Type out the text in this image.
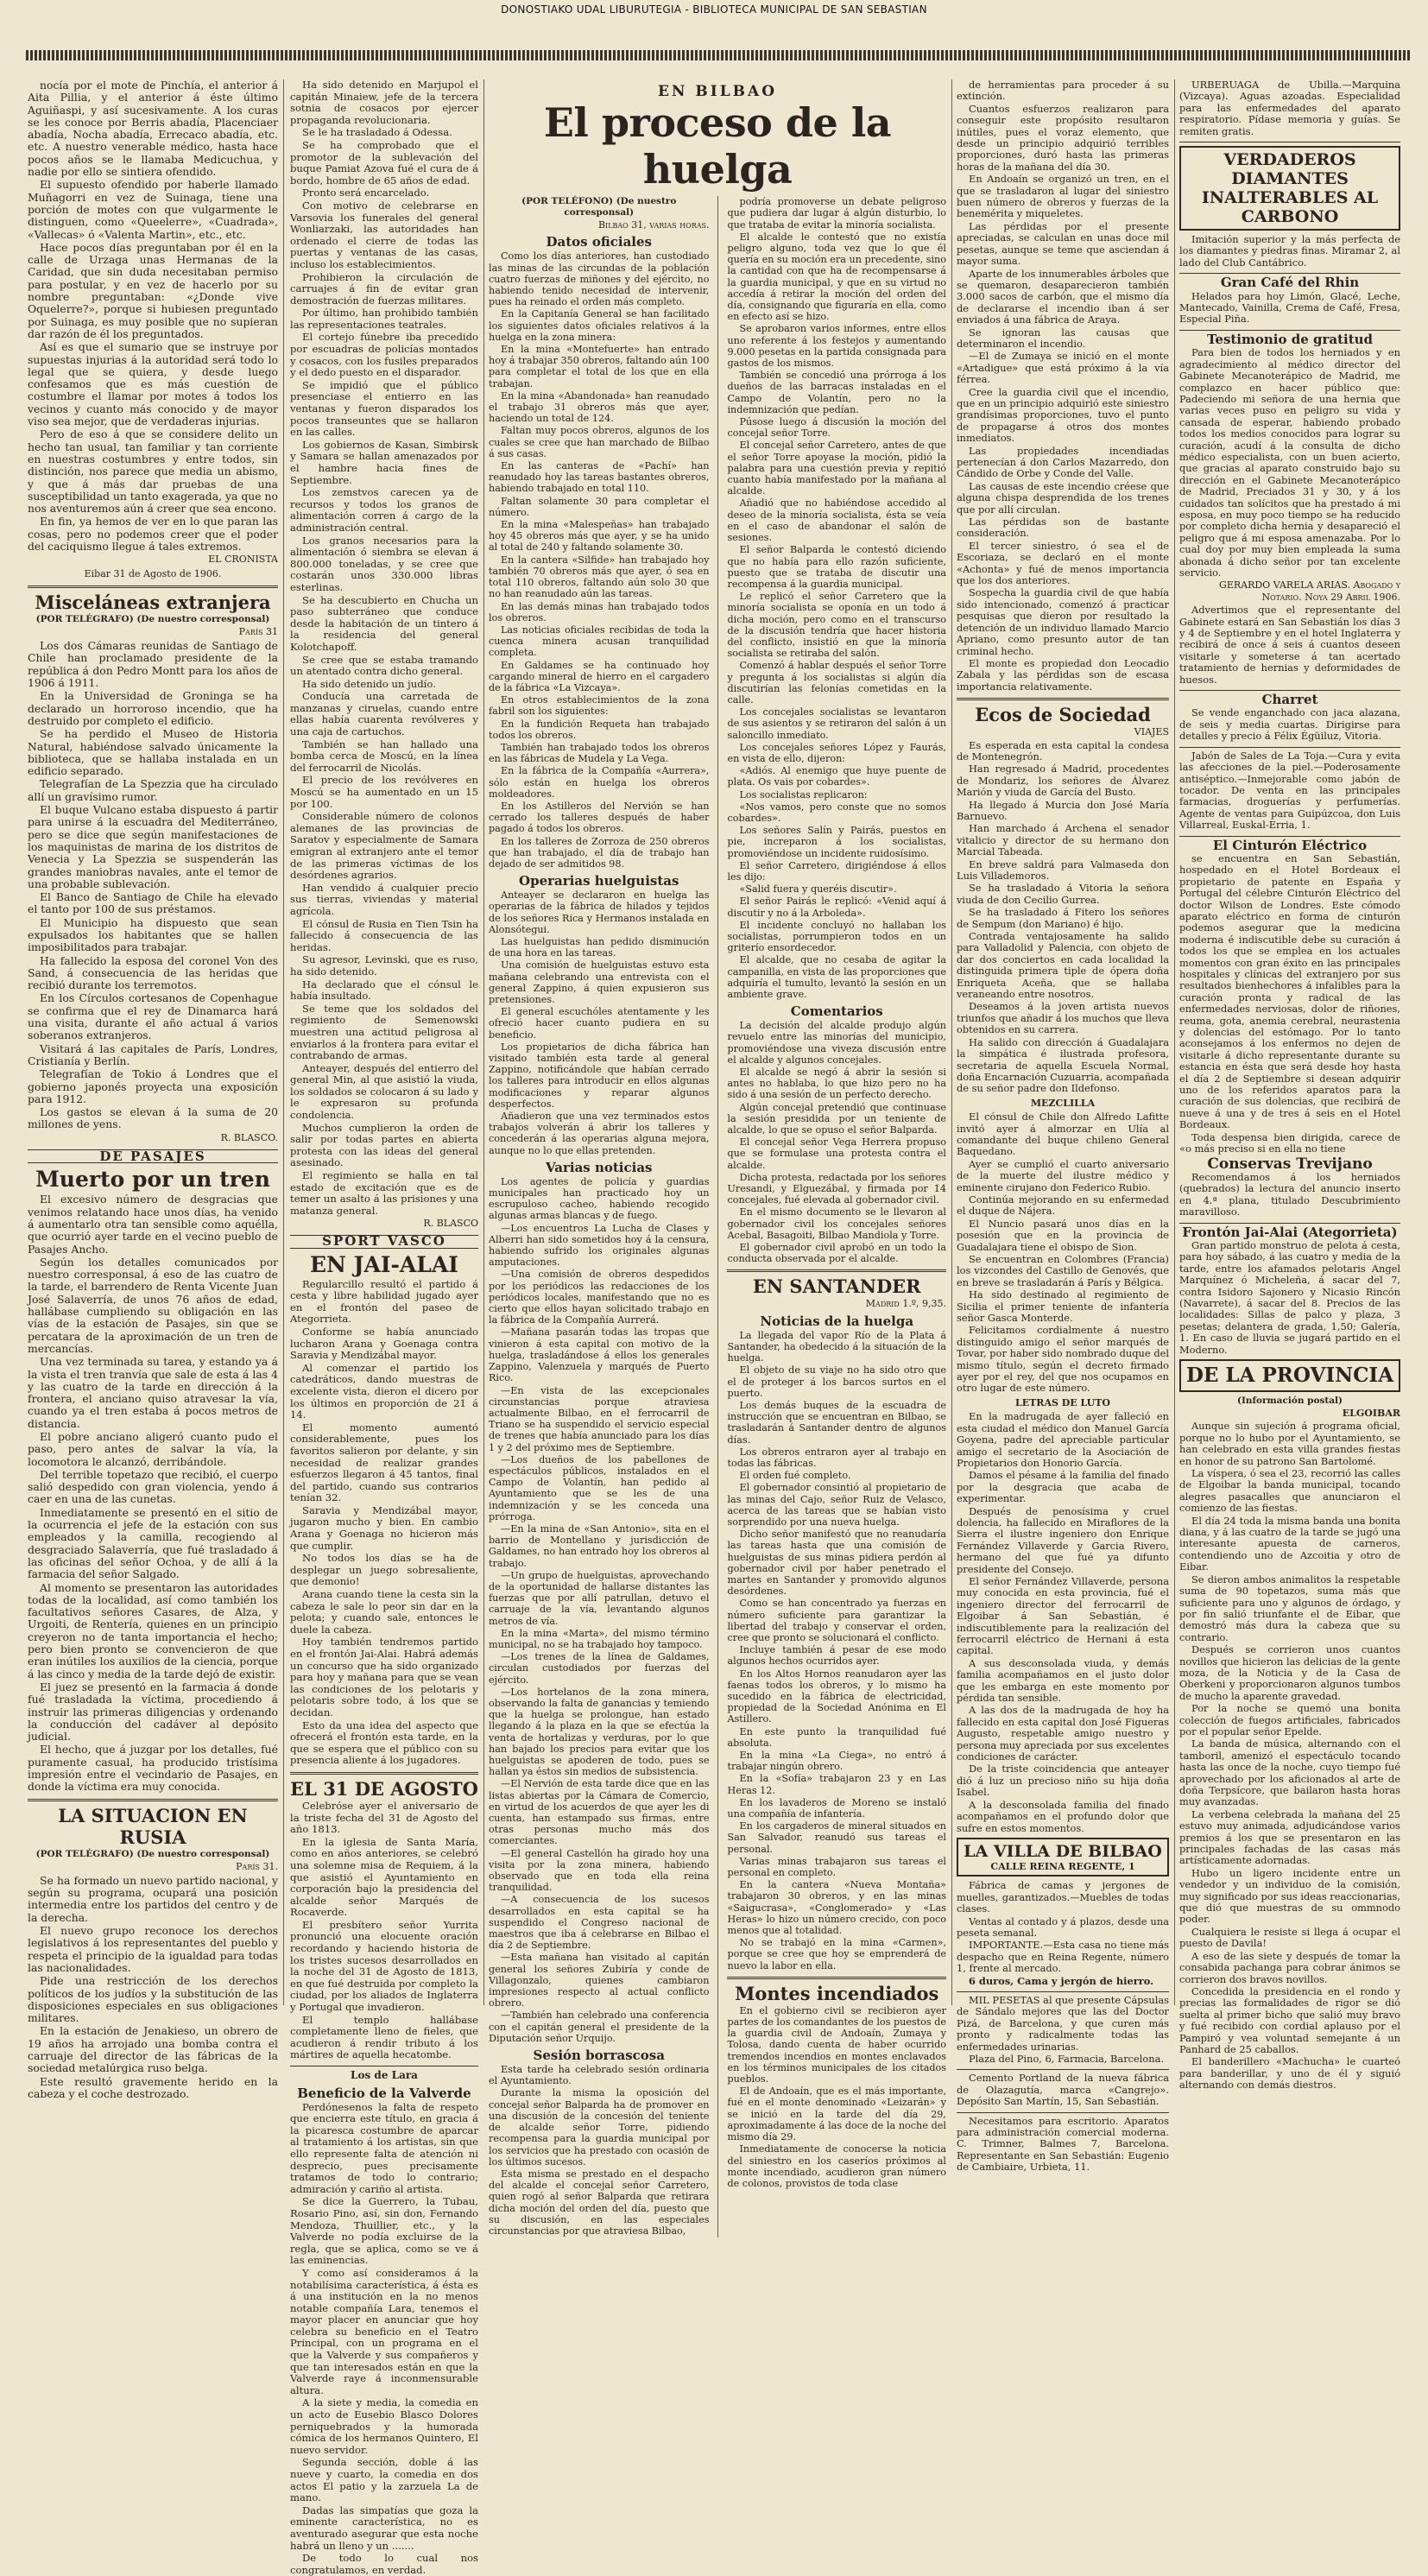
DONOSTIAKO UDAL LIBURUTEGIA - BIBLIOTECA MUNICIPAL DE SAN SEBASTIAN

nocía por el mote de Pinchía, el anterior á Aita Pillia, y el anterior á éste último Aguiñaspi, y así sucesivamente. A los curas se les conoce por Berris abadía, Placenciaer abadía, Nocha abadía, Errecaco abadía, etc. etc. A nuestro venerable médico, hasta hace pocos años se le llamaba Medicuchua, y nadie por ello se sintiera ofendido.

El supuesto ofendido por haberle llamado Muñagorri en vez de Suinaga, tiene una porción de motes con que vulgarmente le distinguen, como «Queelerre», «Cuadrada», «Vallecas» ó «Valenta Martin», etc., etc.

Hace pocos días preguntaban por él en la calle de Urzaga unas Hermanas de la Caridad, que sin duda necesitaban permiso para postular, y en vez de hacerlo por su nombre preguntaban: «¿Donde vive Oquelerre?», porque si hubiesen preguntado por Suinaga, es muy posible que no supieran dar razón de él los preguntados.

Así es que el sumario que se instruye por supuestas injurias á la autoridad será todo lo legal que se quiera, y desde luego confesamos que es más cuestión de costumbre el llamar por motes á todos los vecinos y cuanto más conocido y de mayor viso sea mejor, que de verdaderas injurias.

Pero de eso á que se considere delito un hecho tan usual, tan familiar y tan corriente en nuestras costumbres y entre todos, sin distinción, nos parece que media un abismo, y que á más dar pruebas de una susceptibilidad un tanto exagerada, ya que no nos aventuremos aún á creer que sea encono.

En fin, ya hemos de ver en lo que paran las cosas, pero no podemos creer que el poder del caciquismo llegue á tales extremos.

EL CRONISTA
Eibar 31 de Agosto de 1906.
Misceláneas extranjera
(POR TELÉGRAFO) (De nuestro corresponsal)
París 31

Los dos Cámaras reunidas de Santiago de Chile han proclamado presidente de la república á don Pedro Montt para los años de 1906 á 1911.

En la Universidad de Groninga se ha declarado un horroroso incendio, que ha destruido por completo el edificio.

Se ha perdido el Museo de Historia Natural, habiéndose salvado únicamente la biblioteca, que se hallaba instalada en un edificio separado.

Telegrafían de La Spezzia que ha circulado allí un gravísimo rumor.

El buque Vulcano estaba dispuesto á partir para unirse á la escuadra del Mediterráneo, pero se dice que según manifestaciones de los maquinistas de marina de los distritos de Venecia y La Spezzia se suspenderán las grandes maniobras navales, ante el temor de una probable sublevación.

El Banco de Santiago de Chile ha elevado el tanto por 100 de sus préstamos.

El Municipio ha dispuesto que sean expulsados los habitantes que se hallen imposibilitados para trabajar.

Ha fallecido la esposa del coronel Von des Sand, á consecuencia de las heridas que recibió durante los terremotos.

En los Círculos cortesanos de Copenhague se confirma que el rey de Dinamarca hará una visita, durante el año actual á varios soberanos extranjeros.

Visitará á las capitales de París, Londres, Cristianía y Berlín.

Telegrafían de Tokio á Londres que el gobierno japonés proyecta una exposición para 1912.

Los gastos se elevan á la suma de 20 millones de yens.

R. BLASCO.
DE PASAJES
Muerto por un tren

El excesivo número de desgracias que venimos relatando hace unos días, ha venido á aumentarlo otra tan sensible como aquélla, que ocurrió ayer tarde en el vecino pueblo de Pasajes Ancho.

Según los detalles comunicados por nuestro corresponsal, á eso de las cuatro de la tarde, el barrendero de Renta Vicente Juan José Salaverría, de unos 76 años de edad, hallábase cumpliendo su obligación en las vías de la estación de Pasajes, sin que se percatara de la aproximación de un tren de mercancías.

Una vez terminada su tarea, y estando ya á la vista el tren tranvía que sale de esta á las 4 y las cuatro de la tarde en dirección á la frontera, el anciano quiso atravesar la vía, cuando ya el tren estaba á pocos metros de distancia.

El pobre anciano aligeró cuanto pudo el paso, pero antes de salvar la vía, la locomotora le alcanzó, derribándole.

Del terrible topetazo que recibió, el cuerpo salió despedido con gran violencia, yendo á caer en una de las cunetas.

Inmediatamente se presentó en el sitio de la ocurrencia el jefe de la estación con sus empleados y la camilla, recogiendo al desgraciado Salaverría, que fué trasladado á las oficinas del señor Ochoa, y de allí á la farmacia del señor Salgado.

Al momento se presentaron las autoridades todas de la localidad, así como también los facultativos señores Casares, de Alza, y Urgoiti, de Rentería, quienes en un principio creyeron no de tanta importancia el hecho; pero bien pronto se convencieron de que eran inútiles los auxilios de la ciencia, porque á las cinco y media de la tarde dejó de existir.

El juez se presentó en la farmacia á donde fué trasladada la víctima, procediendo á instruir las primeras diligencias y ordenando la conducción del cadáver al depósito judicial.

El hecho, que á juzgar por los detalles, fué puramente casual, ha producido tristísima impresión entre el vecindario de Pasajes, en donde la víctima era muy conocida.

LA SITUACION EN RUSIA
(POR TELÉGRAFO) (De nuestro corresponsal)
París 31.

Se ha formado un nuevo partido nacional, y según su programa, ocupará una posición intermedia entre los partidos del centro y de la derecha.

El nuevo grupo reconoce los derechos legislativos á los representantes del pueblo y respeta el principio de la igualdad para todas las nacionalidades.

Pide una restricción de los derechos políticos de los judíos y la substitución de las disposiciones especiales en sus obligaciones militares.

En la estación de Jenakieso, un obrero de 19 años ha arrojado una bomba contra el carruaje del director de las fábricas de la sociedad metalúrgica ruso belga.

Este resultó gravemente herido en la cabeza y el coche destrozado.

Ha sido detenido en Marjupol el capitán Minaiew, jefe de la tercera sotnia de cosacos por ejercer propaganda revolucionaria.

Se le ha trasladado á Odessa.

Se ha comprobado que el promotor de la sublevación del buque Pamiat Azova fué el cura de á bordo, hombre de 65 años de edad.

Pronto será encarcelado.

Con motivo de celebrarse en Varsovia los funerales del general Wonliarzaki, las autoridades han ordenado el cierre de todas las puertas y ventanas de las casas, incluso los establecimientos.

Prohibieron la circulación de carruajes á fin de evitar gran demostración de fuerzas militares.

Por último, han prohibido también las representaciones teatrales.

El cortejo fúnebre iba precedido por escuadras de policías montados y cosacos, con los fusiles preparados y el dedo puesto en el disparador.

Se impidió que el público presenciase el entierro en las ventanas y fueron disparados los pocos transeuntes que se hallaron en las calles.

Los gobiernos de Kasan, Simbirsk y Samara se hallan amenazados por el hambre hacia fines de Septiembre.

Los zemstvos carecen ya de recursos y todos los granos de alimentación corren á cargo de la administración central.

Los granos necesarios para la alimentación ó siembra se elevan á 800.000 toneladas, y se cree que costarán unos 330.000 libras esterlinas.

Se ha descubierto en Chucha un paso subterráneo que conduce desde la habitación de un tintero á la residencia del general Kolotchapoff.

Se cree que se estaba tramando un atentado contra dicho general.

Ha sido detenido un judío.

Conducía una carretada de manzanas y ciruelas, cuando entre ellas había cuarenta revólveres y una caja de cartuchos.

También se han hallado una bomba cerca de Moscú, en la línea del ferrocarril de Nicolás.

El precio de los revólveres en Moscú se ha aumentado en un 15 por 100.

Considerable número de colonos alemanes de las provincias de Saratov y especialmente de Samara emigran al extranjero ante el temor de las primeras víctimas de los desórdenes agrarios.

Han vendido á cualquier precio sus tierras, viviendas y material agrícola.

El cónsul de Rusia en Tien Tsin ha fallecido á consecuencia de las heridas.

Su agresor, Levinski, que es ruso, ha sido detenido.

Ha declarado que el cónsul le había insultado.

Se teme que los soldados del regimiento de Semenowski muestren una actitud peligrosa al enviarlos á la frontera para evitar el contrabando de armas.

Anteayer, después del entierro del general Min, al que asistió la viuda, los soldados se colocaron á su lado y le expresaron su profunda condolencia.

Muchos cumplieron la orden de salir por todas partes en abierta protesta con las ideas del general asesinado.

El regimiento se halla en tal estado de excitación que es de temer un asalto á las prisiones y una matanza general.

R. BLASCO
SPORT VASCO
EN JAI-ALAI

Regularcillo resultó el partido á cesta y libre habilidad jugado ayer en el frontón del paseo de Ategorrieta.

Conforme se había anunciado lucharon Arana y Goenaga contra Saravia y Mendizábal mayor.

Al comenzar el partido los catedráticos, dando muestras de excelente vista, dieron el dicero por los últimos en proporción de 21 á 14.

El momento aumentó considerablemente, pues los favoritos salieron por delante, y sin necesidad de realizar grandes esfuerzos llegaron á 45 tantos, final del partido, cuando sus contrarios tenían 32.

Saravia y Mendizábal mayor, jugaron mucho y bien. En cambio Arana y Goenaga no hicieron más que cumplir.

No todos los días se ha de desplegar un juego sobresaliente, que demonio!

Arana cuando tiene la cesta sin la cabeza le sale lo peor sin dar en la pelota; y cuando sale, entonces le duele la cabeza.

Hoy también tendremos partido en el frontón Jai-Alai. Habrá además un concurso que ha sido organizado para hoy y mañana para que se vean las condiciones de los pelotaris y pelotaris sobre todo, á los que se decidan.

Esto da una idea del aspecto que ofrecerá el frontón esta tarde, en la que se espera que el público con su presencia aliente á los jugadores.

EL 31 DE AGOSTO

Celebróse ayer el aniversario de la triste fecha del 31 de Agosto del año 1813.

En la iglesia de Santa María, como en años anteriores, se celebró una solemne misa de Requiem, á la que asistió el Ayuntamiento en corporación bajo la presidencia del alcalde señor Marqués de Rocaverde.

El presbítero señor Yurrita pronunció una elocuente oración recordando y haciendo historia de los tristes sucesos desarrollados en la noche del 31 de Agosto de 1813, en que fué destruida por completo la ciudad, por los aliados de Inglaterra y Portugal que invadieron.

El templo hallábase completamente lleno de fieles, que acudieron á rendir tributo á los mártires de aquella hecatombe.

Los de Lara
Beneficio de la Valverde

Perdónesenos la falta de respeto que encierra este título, en gracia á la picaresca costumbre de aparcar al tratamiento á los artistas, sin que ello represente falta de atención ni desprecio, pues precisamente tratamos de todo lo contrario; admiración y cariño al artista.

Se dice la Guerrero, la Tubau, Rosario Pino, así, sin don, Fernando Mendoza, Thuillier, etc., y la Valverde no podía excluirse de la regla, que se aplica, como se ve á las eminencias.

Y como así consideramos á la notabilísima característica, á ésta es á una institución en la no menos notable compañía Lara, tenemos el mayor placer en anunciar que hoy celebra su beneficio en el Teatro Principal, con un programa en el que la Valverde y sus compañeros y que tan interesados están en que la Valverde raye á inconmensurable altura.

A la siete y media, la comedia en un acto de Eusebio Blasco Dolores perniquebrados y la humorada cómica de los hermanos Quintero, El nuevo servidor.

Segunda sección, doble á las nueve y cuarto, la comedia en dos actos El patio y la zarzuela La de mano.

Dadas las simpatías que goza la eminente característica, no es aventurado asegurar que esta noche habrá un lleno y un .......

De todo lo cual nos congratulamos, en verdad.

EN BILBAO
El proceso de la huelga
(POR TELÉFONO) (De nuestro corresponsal)
Bilbao 31, varias horas.
Datos oficiales

Como los días anteriores, han custodiado las minas de las circundas de la población cuatro fuerzas de miñones y del ejército, no habiendo tenido necesidad de intervenir, pues ha reinado el orden más completo.

En la Capitanía General se han facilitado los siguientes datos oficiales relativos á la huelga en la zona minera:

En la mina «Montefuerte» han entrado hoy á trabajar 350 obreros, faltando aún 100 para completar el total de los que en ella trabajan.

En la mina «Abandonada» han reanudado el trabajo 31 obreros más que ayer, haciendo un total de 124.

Faltan muy pocos obreros, algunos de los cuales se cree que han marchado de Bilbao á sus casas.

En las canteras de «Pachí» han reanudado hoy las tareas bastantes obreros, habiendo trabajado en total 110.

Faltan solamente 30 para completar el número.

En la mina «Malespeñas» han trabajado hoy 45 obreros más que ayer, y se ha unido al total de 240 y faltando solamente 30.

En la cantera «Silfide» han trabajado hoy también 70 obreros más que ayer, ó sea en total 110 obreros, faltando aún solo 30 que no han reanudado aún las tareas.

En las demás minas han trabajado todos los obreros.

Las noticias oficiales recibidas de toda la cuenca minera acusan tranquilidad completa.

En Galdames se ha continuado hoy cargando mineral de hierro en el cargadero de la fábrica «La Vizcaya».

En otros establecimientos de la zona fabril son los siguientes:

En la fundición Requeta han trabajado todos los obreros.

También han trabajado todos los obreros en las fábricas de Mudela y La Vega.

En la fábrica de la Compañía «Aurrera», sólo están en huelga los obreros moldeadores.

En los Astilleros del Nervión se han cerrado los talleres después de haber pagado á todos los obreros.

En los talleres de Zorroza de 250 obreros que han trabajado, el día de trabajo han dejado de ser admitidos 98.

Operarias huelguistas

Anteayer se declararon en huelga las operarias de la fábrica de hilados y tejidos de los señores Rica y Hermanos instalada en Alonsótegui.

Las huelguistas han pedido disminución de una hora en las tareas.

Una comisión de huelguistas estuvo esta mañana celebrando una entrevista con el general Zappino, á quien expusieron sus pretensiones.

El general escuchóles atentamente y les ofreció hacer cuanto pudiera en su beneficio.

Los propietarios de dicha fábrica han visitado también esta tarde al general Zappino, notificándole que habían cerrado los talleres para introducir en ellos algunas modificaciones y reparar algunos desperfectos.

Añadieron que una vez terminados estos trabajos volverán á abrir los talleres y concederán á las operarias alguna mejora, aunque no lo que ellas pretenden.

Varias noticias

Los agentes de policía y guardias municipales han practicado hoy un escrupuloso cacheo, habiendo recogido algunas armas blancas y de fuego.

—Los encuentros La Lucha de Clases y Alberri han sido sometidos hoy á la censura, habiendo sufrido los originales algunas amputaciones.

—Una comisión de obreros despedidos por los periódicos las redacciones de los periódicos locales, manifestando que no es cierto que ellos hayan solicitado trabajo en la fábrica de la Compañía Aurrerá.

—Mañana pasarán todas las tropas que vinieron á esta capital con motivo de la huelga, trasladándose á ellos los generales Zappino, Valenzuela y marqués de Puerto Rico.

—En vista de las excepcionales circunstancias porque atraviesa actualmente Bilbao, en el ferrocarril de Triano se ha suspendido el servicio especial de trenes que había anunciado para los días 1 y 2 del próximo mes de Septiembre.

—Los dueños de los pabellones de espectáculos públicos, instalados en el Campo de Volantín, han pedido al Ayuntamiento que se les de una indemnización y se les conceda una prórroga.

—En la mina de «San Antonio», sita en el barrio de Montellano y jurisdicción de Galdames, no han entrado hoy los obreros al trabajo.

—Un grupo de huelguistas, aprovechando de la oportunidad de hallarse distantes las fuerzas que por allí patrullan, detuvo el carruaje de la vía, levantando algunos metros de vía.

En la mina «Marta», del mismo término municipal, no se ha trabajado hoy tampoco.

—Los trenes de la línea de Galdames, circulan custodiados por fuerzas del ejército.

—Los hortelanos de la zona minera, observando la falta de ganancias y temiendo que la huelga se prolongue, han estado llegando á la plaza en la que se efectúa la venta de hortalizas y verduras, por lo que han bajado los precios para evitar que los huelguistas se apoderen de todo, pues se hallan ya éstos sin medios de subsistencia.

—El Nervión de esta tarde dice que en las listas abiertas por la Cámara de Comercio, en virtud de los acuerdos de que ayer les di cuenta, han estampado sus firmas, entre otras personas mucho más dos comerciantes.

—El general Castellón ha girado hoy una visita por la zona minera, habiendo observado que en toda ella reina tranquilidad.

—A consecuencia de los sucesos desarrollados en esta capital se ha suspendido el Congreso nacional de maestros que iba á celebrarse en Bilbao el día 2 de Septiembre.

—Esta mañana han visitado al capitán general los señores Zubiría y conde de Villagonzalo, quienes cambiaron impresiones respecto al actual conflicto obrero.

—También han celebrado una conferencia con el capitán general el presidente de la Diputación señor Urquijo.

Sesión borrascosa

Esta tarde ha celebrado sesión ordinaria el Ayuntamiento.

Durante la misma la oposición del concejal señor Balparda ha de promover en una discusión de la concesión del teniente de alcalde señor Torre, pidiendo recompensa para la guardia municipal por los servicios que ha prestado con ocasión de los últimos sucesos.

Esta misma se prestado en el despacho del alcalde el concejal señor Carretero, quien rogó al señor Balparda que retirara dicha moción del orden del día, puesto que su discusión, en las especiales circunstancias por que atraviesa Bilbao,

podría promoverse un debate peligroso que pudiera dar lugar á algún disturbio, lo que trataba de evitar la minoría socialista.

El alcalde le contestó que no existía peligro alguno, toda vez que lo que él quería en su moción era un precedente, sino la cantidad con que ha de recompensarse á la guardia municipal, y que en su virtud no accedía á retirar la moción del orden del día, consignando que figuraría en ella, como en efecto así se hizo.

Se aprobaron varios informes, entre ellos uno referente á los festejos y aumentando 9.000 pesetas en la partida consignada para gastos de los mismos.

También se concedió una prórroga á los dueños de las barracas instaladas en el Campo de Volantín, pero no la indemnización que pedían.

Púsose luego á discusión la moción del concejal señor Torre.

El concejal señor Carretero, antes de que el señor Torre apoyase la moción, pidió la palabra para una cuestión previa y repitió cuanto había manifestado por la mañana al alcalde.

Añadió que no habiéndose accedido al deseo de la minoría socialista, ésta se veía en el caso de abandonar el salón de sesiones.

El señor Balparda le contestó diciendo que no había para ello razón suficiente, puesto que se trataba de discutir una recompensa á la guardia municipal.

Le replicó el señor Carretero que la minoría socialista se oponía en un todo á dicha moción, pero como en el transcurso de la discusión tendría que hacer historia del conflicto, insistió en que la minoría socialista se retiraba del salón.

Comenzó á hablar después el señor Torre y pregunta á los socialistas si algún día discutirían las felonías cometidas en la calle.

Los concejales socialistas se levantaron de sus asientos y se retiraron del salón á un saloncillo inmediato.

Los concejales señores López y Faurás, en vista de ello, dijeron:

«Adiós. Al enemigo que huye puente de plata. Os vais por cobardes».

Los socialistas replicaron:

«Nos vamos, pero conste que no somos cobardes».

Los señores Salín y Pairás, puestos en pie, increparon á los socialistas, promoviéndose un incidente ruidosísimo.

El señor Carretero, dirigiéndose á ellos les dijo:

«Salid fuera y queréis discutir».

El señor Pairás le replicó: «Venid aquí á discutir y no á la Arboleda».

El incidente concluyó no hallaban los socialistas, porrumpieron todos en un griterío ensordecedor.

El alcalde, que no cesaba de agitar la campanilla, en vista de las proporciones que adquiría el tumulto, levantó la sesión en un ambiente grave.

Comentarios

La decisión del alcalde produjo algún revuelo entre las minorías del municipio, promoviéndose una viveza discusión entre el alcalde y algunos concejales.

El alcalde se negó á abrir la sesión si antes no hablaba, lo que hizo pero no ha sido á una sesión de un perfecto derecho.

Algún concejal pretendió que continuase la sesión presidida por un teniente de alcalde, lo que se opuso el señor Balparda.

El concejal señor Vega Herrera propuso que se formulase una protesta contra el alcalde.

Dicha protesta, redactada por los señores Uresandi, y Elguezábal, y firmada por 14 concejales, fué elevada al gobernador civil.

En el mismo documento se le llevaron al gobernador civil los concejales señores Acebal, Basagoiti, Bilbao Mandiola y Torre.

El gobernador civil aprobó en un todo la conducta observada por el alcalde.

EN SANTANDER
Madrid 1.º, 9,35.
Noticias de la huelga

La llegada del vapor Río de la Plata á Santander, ha obedecido á la situación de la huelga.

El objeto de su viaje no ha sido otro que el de proteger á los barcos surtos en el puerto.

Los demás buques de la escuadra de instrucción que se encuentran en Bilbao, se trasladarán á Santander dentro de algunos días.

Los obreros entraron ayer al trabajo en todas las fábricas.

El orden fué completo.

El gobernador consintió al propietario de las minas del Cajo, señor Ruiz de Velasco, acerca de las tareas que se habían visto sorprendido por una nueva huelga.

Dicho señor manifestó que no reanudaría las tareas hasta que una comisión de huelguistas de sus minas pidiera perdón al gobernador civil por haber penetrado el martes en Santander y promovido algunos desórdenes.

Como se han concentrado ya fuerzas en número suficiente para garantizar la libertad del trabajo y conservar el orden, cree que pronto se solucionará el conflicto.

Incluye también á pesar de ese modo algunos hechos ocurridos ayer.

En los Altos Hornos reanudaron ayer las faenas todos los obreros, y lo mismo ha sucedido en la fábrica de electricidad, propiedad de la Sociedad Anónima en El Astillero.

En este punto la tranquilidad fué absoluta.

En la mina «La Ciega», no entró á trabajar ningún obrero.

En la «Sofía» trabajaron 23 y en Las Heras 12.

En los lavaderos de Moreno se instaló una compañía de infantería.

En los cargaderos de mineral situados en San Salvador, reanudó sus tareas el personal.

Varias minas trabajaron sus tareas el personal en completo.

En la cantera «Nueva Montaña» trabajaron 30 obreros, y en las minas «Saigucrasa», «Conglomerado» y «Las Heras» lo hizo un número crecido, con poco menos que al totalidad.

No se trabajó en la mina «Carmen», porque se cree que hoy se emprenderá de nuevo la labor en ella.

Montes incendiados

En el gobierno civil se recibieron ayer partes de los comandantes de los puestos de la guardia civil de Andoaín, Zumaya y Tolosa, dando cuenta de haber ocurrido tremendos incendios en montes enclavados en los términos municipales de los citados pueblos.

El de Andoaín, que es el más importante, fué en el monte denominado «Leizarán» y se inició en la tarde del día 29, aproximadamente á las doce de la noche del mismo día 29.

Inmediatamente de conocerse la noticia del siniestro en los caseríos próximos al monte incendiado, acudieron gran número de colonos, provistos de toda clase

de herramientas para proceder á su extinción.

Cuantos esfuerzos realizaron para conseguir este propósito resultaron inútiles, pues el voraz elemento, que desde un principio adquirió terribles proporciones, duró hasta las primeras horas de la mañana del día 30.

En Andoaín se organizó un tren, en el que se trasladaron al lugar del siniestro buen número de obreros y fuerzas de la benemérita y miqueletes.

Las pérdidas por el presente apreciadas, se calculan en unas doce mil pesetas, aunque se teme que asciendan á mayor suma.

Aparte de los innumerables árboles que se quemaron, desaparecieron también 3.000 sacos de carbón, que el mismo día de declararse el incendio iban á ser enviados á una fábrica de Araya.

Se ignoran las causas que determinaron el incendio.

—El de Zumaya se inició en el monte «Artadigue» que está próximo á la vía férrea.

Cree la guardia civil que el incendio, que en un principio adquirió este siniestro grandísimas proporciones, tuvo el punto de propagarse á otros dos montes inmediatos.

Las propiedades incendiadas pertenecían á don Carlos Mazarredo, don Cándido de Orbe y Conde del Valle.

Las causas de este incendio créese que alguna chispa desprendida de los trenes que por allí circulan.

Las pérdidas son de bastante consideración.

El tercer siniestro, ó sea el de Escoriaza, se declaró en el monte «Achonta» y fué de menos importancia que los dos anteriores.

Sospecha la guardia civil de que había sido intencionado, comenzó á practicar pesquisas que dieron por resultado la detención de un individuo llamado Marcio Apriano, como presunto autor de tan criminal hecho.

El monte es propiedad don Leocadio Zabala y las pérdidas son de escasa importancia relativamente.

Ecos de Sociedad
VIAJES

Es esperada en esta capital la condesa de Montenegrón.

Han regresado á Madrid, procedentes de Mondariz, los señores de Álvarez Marión y viuda de García del Busto.

Ha llegado á Murcia don José María Barnuevo.

Han marchado á Archena el senador vitalicio y director de su hermano don Marcial Tabeada.

En breve saldrá para Valmaseda don Luis Villademoros.

Se ha trasladado á Vitoria la señora viuda de don Cecilio Gurrea.

Se ha trasladado á Fitero los señores de Sempum (don Mariano) é hijo.

Contrada ventajosamente ha salido para Valladolid y Palencia, con objeto de dar dos conciertos en cada localidad la distinguida primera tiple de ópera doña Enriqueta Aceña, que se hallaba veraneando entre nosotros.

Deseamos á la joven artista nuevos triunfos que añadir á los muchos que lleva obtenidos en su carrera.

Ha salido con dirección á Guadalajara la simpática é ilustrada profesora, secretaria de aquella Escuela Normal, doña Encarnación Cuzuarria, acompañada de su señor padre don Ildefonso.

MEZCLILLA

El cónsul de Chile don Alfredo Lafitte invitó ayer á almorzar en Ulía al comandante del buque chileno General Baquedano.

Ayer se cumplió el cuarto aniversario de la muerte del ilustre médico y eminente cirujano don Federico Rubio.

Continúa mejorando en su enfermedad el duque de Nájera.

El Nuncio pasará unos días en la posesión que en la provincia de Guadalajara tiene el obispo de Sion.

Se encuentran en Colombres (Francia) los vizcondes del Castillo de Genovés, que en breve se trasladarán á París y Bélgica.

Ha sido destinado al regimiento de Sicilia el primer teniente de infantería señor Gasca Monterde.

Felicitamos cordialmente á nuestro distinguido amigo el señor marqués de Tovar, por haber sido nombrado duque del mismo título, según el decreto firmado ayer por el rey, del que nos ocupamos en otro lugar de este número.

LETRAS DE LUTO

En la madrugada de ayer falleció en esta ciudad el médico don Manuel García Goyena, padre del apreciable particular amigo el secretario de la Asociación de Propietarios don Honorio García.

Damos el pésame á la familia del finado por la desgracia que acaba de experimentar.

Después de penosísima y cruel dolencia, ha fallecido en Miraflores de la Sierra el ilustre ingeniero don Enrique Fernández Villaverde y Garcia Rivero, hermano del que fué ya difunto presidente del Consejo.

El señor Fernández Villaverde, persona muy conocida en esta provincia, fué el ingeniero director del ferrocarril de Elgoibar á San Sebastián, é indiscutiblemente para la realización del ferrocarril eléctrico de Hernani á esta capital.

A sus desconsolada viuda, y demás familia acompañamos en el justo dolor que les embarga en este momento por pérdida tan sensible.

A las dos de la madrugada de hoy ha fallecido en esta capital don José Figueras Augusto, respetable amigo nuestro y persona muy apreciada por sus excelentes condiciones de carácter.

De la triste coincidencia que anteayer dió á luz un precioso niño su hija doña Isabel.

A la desconsolada familia del finado acompañamos en el profundo dolor que sufre en estos momentos.

LA VILLA DE BILBAO
CALLE REINA REGENTE, 1

Fábrica de camas y jergones de muelles, garantizados.—Muebles de todas clases.

Ventas al contado y á plazos, desde una peseta semanal.

IMPORTANTE.—Esta casa no tiene más despacho que en Reina Regente, número 1, frente al mercado.

6 duros, Cama y jergón de hierro.

MIL PESETAS al que presente Cápsulas de Sándalo mejores que las del Doctor Pizá, de Barcelona, y que curen más pronto y radicalmente todas las enfermedades urinarias.

Plaza del Pino, 6, Farmacia, Barcelona.

Cemento Portland de la nueva fábrica de Olazagutía, marca «Cangrejo». Depósito San Martín, 15, San Sebastián.

Necesitamos para escritorio. Aparatos para administración comercial moderna. C. Trimner, Balmes 7, Barcelona. Representante en San Sebastián: Eugenio de Cambiaire, Urbieta, 11.

URBERUAGA de Ubilla.—Marquina (Vizcaya). Aguas azoadas. Especialidad para las enfermedades del aparato respiratorio. Pídase memoria y guías. Se remiten gratis.

VERDADEROS DIAMANTES INALTERABLES AL CARBONO

Imitación superior y la más perfecta de los diamantes y piedras finas. Miramar 2, al lado del Club Cantábrico.

Gran Café del Rhin

Helados para hoy Limón, Glacé, Leche, Mantecado, Vainilla, Crema de Café, Fresa, Especial Piña.

Testimonio de gratitud

Para bien de todos los herniados y en agradecimiento al médico director del Gabinete Mecanoterápico de Madrid, me complazco en hacer público que: Padeciendo mi señora de una hernia que varias veces puso en peligro su vida y cansada de esperar, habiendo probado todos los medios conocidos para lograr su curación, acudí á la consulta de dicho médico especialista, con un buen acierto, que gracias al aparato construido bajo su dirección en el Gabinete Mecanoterápico de Madrid, Preciados 31 y 30, y á los cuidados tan solícitos que ha prestado á mi esposa, en muy poco tiempo se ha reducido por completo dicha hernia y desapareció el peligro que á mi esposa amenazaba. Por lo cual doy por muy bien empleada la suma abonada á dicho señor por tan excelente servicio.

GERARDO VARELA ARIAS. Abogado y Notario. Noya 29 Abril 1906.

Advertimos que el representante del Gabinete estará en San Sebastián los días 3 y 4 de Septiembre y en el hotel Inglaterra y recibirá de once á seis á cuantos deseen visitarle y someterse á tan acertado tratamiento de hernias y deformidades de huesos.

Charret

Se vende enganchado con jaca alazana, de seis y media cuartas. Dirigirse para detalles y precio á Félix Égüiluz, Vitoria.

Jabón de Sales de La Toja.—Cura y evita las afecciones de la piel.—Poderosamente antiséptico.—Inmejorable como jabón de tocador. De venta en las principales farmacias, droguerías y perfumerías. Agente de ventas para Guipúzcoa, don Luis Villarreal, Euskal-Erria, 1.

El Cinturón Eléctrico

se encuentra en San Sebastián, hospedado en el Hotel Bordeaux el propietario de patente en España y Portugal del célebre Cinturón Eléctrico del doctor Wilson de Londres. Este cómodo aparato eléctrico en forma de cinturón podemos asegurar que la medicina moderna é indiscutible debe su curación á todos los que se emplea en los actuales momentos con gran éxito en las principales hospitales y clínicas del extranjero por sus resultados bienhechores á infalibles para la curación pronta y radical de las enfermedades nerviosas, dolor de riñones, reuma, gota, anemia cerebral, neurastenia y dolencias del estómago. Por lo tanto aconsejamos á los enfermos no dejen de visitarle á dicho representante durante su estancia en ésta que será desde hoy hasta el día 2 de Septiembre si desean adquirir uno de los referidos aparatos para la curación de sus dolencias, que recibirá de nueve á una y de tres á seis en el Hotel Bordeaux.

Toda despensa bien dirigida, carece de «o más preciso si en ella no tiene

Conservas Trevijano

Recomendamos á los herniados (quebrados) la lectura del anuncio inserto en 4.ª plana, titulado Descubrimiento maravilloso.

Frontón Jai-Alai (Ategorrieta)

Gran partido monstruo de pelota á cesta, para hoy sábado, á las cuatro y media de la tarde, entre los afamados pelotaris Angel Marquínez ó Micheleña, á sacar del 7, contra Isidoro Sajonero y Nicasio Rincón (Navarrete), á sacar del 8. Precios de las localidades: Sillas de palco y plaza, 3 pesetas; delantera de grada, 1,50; Galería, 1. En caso de lluvia se jugará partido en el Moderno.

DE LA PROVINCIA
(Información postal)
ELGOIBAR

Aunque sin sujeción á programa oficial, porque no lo hubo por el Ayuntamiento, se han celebrado en esta villa grandes fiestas en honor de su patrono San Bartolomé.

La víspera, ó sea el 23, recorrió las calles de Elgoibar la banda municipal, tocando alegres pasacalles que anunciaron el comienzo de las fiestas.

El día 24 toda la misma banda una bonita diana, y á las cuatro de la tarde se jugó una interesante apuesta de carneros, contendiendo uno de Azcoitia y otro de Eibar.

Se dieron ambos animalitos la respetable suma de 90 topetazos, suma más que suficiente para uno y algunos de órdago, y por fin salió triunfante el de Eibar, que demostró más dura la cabeza que su contrario.

Después se corrieron unos cuantos novillos que hicieron las delicias de la gente moza, de la Noticia y de la Casa de Oberkeni y proporcionaron algunos tumbos de mucho la aparente gravedad.

Por la noche se quemó una bonita colección de fuegos artificiales, fabricados por el popular señor Epelde.

La banda de música, alternando con el tamboril, amenizó el espectáculo tocando hasta las once de la noche, cuyo tiempo fué aprovechado por los aficionados al arte de doña Terpsícore, que bailaron hasta horas muy avanzadas.

La verbena celebrada la mañana del 25 estuvo muy animada, adjudicándose varios premios á los que se presentaron en las principales fachadas de las casas más artísticamente adornadas.

Hubo un ligero incidente entre un vendedor y un individuo de la comisión, muy significado por sus ideas reaccionarias, que dió que muestras de su ommnodo poder.

Cualquiera le resiste si llega á ocupar el puesto de Davila!

A eso de las siete y después de tomar la consabida pachanga para cobrar ánimos se corrieron dos bravos novillos.

Concedida la presidencia en el rondo y precias las formalidades de rigor se dió suelta al primer bicho que salió muy bravo y fué recibido con cordial aplauso por el Pampiró y vea voluntad semejante á un Panhard de 25 caballos.

El banderillero «Machucha» le cuarteó para banderillar, y uno de él y siguió alternando con demás diestros.
